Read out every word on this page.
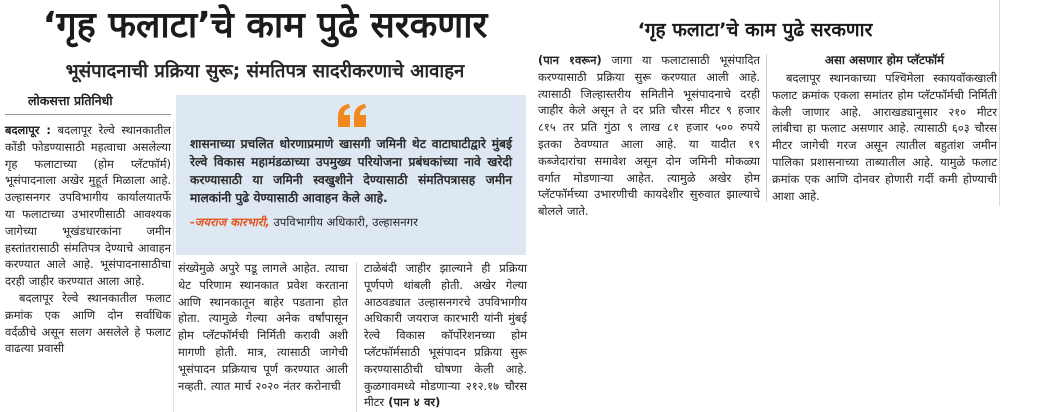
‘गृह फलाटा’चे काम पुढे सरकणार
भूसंपादनाची प्रक्रिया सुरू; संमतिपत्र सादरीकरणाचे आवाहन
लोकसत्ता प्रतिनिधी

बदलापूर : बदलापूर रेल्वे स्थानकातील कोंडी फोडण्यासाठी महत्वाचा असलेल्या गृह फलाटाच्या (होम प्लॅटफॉर्म) भूसंपादनाला अखेर मुहूर्त मिळाला आहे. उल्हासनगर उपविभागीय कार्यालयातर्फे या फलाटाच्या उभारणीसाठी आवश्यक जागेच्या भूखंडधारकांना जमीन हस्तांतरासाठी संमतिपत्र देण्याचे आवाहन करण्यात आले आहे. भूसंपादनासाठीचा दरही जाहीर करण्यात आला आहे.

बदलापूर रेल्वे स्थानकातील फलाट क्रमांक एक आणि दोन सर्वाधिक वर्दळीचे असून सलग असलेले हे फलाट वाढत्या प्रवासी

शासनाच्या प्रचलित धोरणाप्रमाणे खासगी जमिनी थेट वाटाघाटीद्वारे मुंबई रेल्वे विकास महामंडळाच्या उपमुख्य परियोजना प्रबंधकांच्या नावे खरेदी करण्यासाठी या जमिनी स्वखुशीने देण्यासाठी संमतिपत्रासह जमीन मालकांनी पुढे येण्यासाठी आवाहन केले आहे.
-जयराज कारभारी, उपविभागीय अधिकारी, उल्हासनगर

संख्येमुळे अपुरे पडू लागले आहेत. त्याचा थेट परिणाम स्थानकात प्रवेश करताना आणि स्थानकातून बाहेर पडताना होत होता. त्यामुळे गेल्या अनेक वर्षांपासून होम प्लॅटफॉर्मची निर्मिती करावी अशी मागणी होती. मात्र, त्यासाठी जागेची भूसंपादन प्रक्रियाच पूर्ण करण्यात आली नव्हती. त्यात मार्च २०२० नंतर करोनाची

टाळेबंदी जाहीर झाल्याने ही प्रक्रिया पूर्णपणे थांबली होती. अखेर गेल्या आठवड्यात उल्हासनगरचे उपविभागीय अधिकारी जयराज कारभारी यांनी मुंबई रेल्वे विकास कॉर्पोरेशनच्या होम प्लॅटफॉर्मसाठी भूसंपादन प्रक्रिया सुरू करण्यासाठीची घोषणा केली आहे. कुळगावमध्ये मोडणाऱ्या २१२.१७ चौरस मीटर (पान ४ वर)

‘गृह फलाटा’चे काम पुढे सरकणार

(पान १वरून) जागा या फलाटासाठी भूसंपादित करण्यासाठी प्रक्रिया सुरू करण्यात आली आहे. त्यासाठी जिल्हास्तरीय समितीने भूसंपादनाचे दरही जाहीर केले असून ते दर प्रति चौरस मीटर ९ हजार ८१५ तर प्रति गुंठा ९ लाख ८१ हजार ५०० रुपये इतका ठेवण्यात आला आहे. या यादीत १९ कब्जेदारांचा समावेश असून दोन जमिनी मोकळ्या वर्गात मोडणाऱ्या आहेत. त्यामुळे अखेर होम प्लॅटफॉर्मच्या उभारणीची कायदेशीर सुरुवात झाल्याचे बोलले जाते.

असा असणार होम प्लॅटफॉर्म

बदलापूर स्थानकाच्या पश्चिमेला स्कायवॉकखाली फलाट क्रमांक एकला समांतर होम प्लॅटफॉर्मची निर्मिती केली जाणार आहे. आराखड्यानुसार २१० मीटर लांबीचा हा फलाट असणार आहे. त्यासाठी ६०३ चौरस मीटर जागेची गरज असून त्यातील बहुतांश जमीन पालिका प्रशासनाच्या ताब्यातील आहे. यामुळे फलाट क्रमांक एक आणि दोनवर होणारी गर्दी कमी होण्याची आशा आहे.
